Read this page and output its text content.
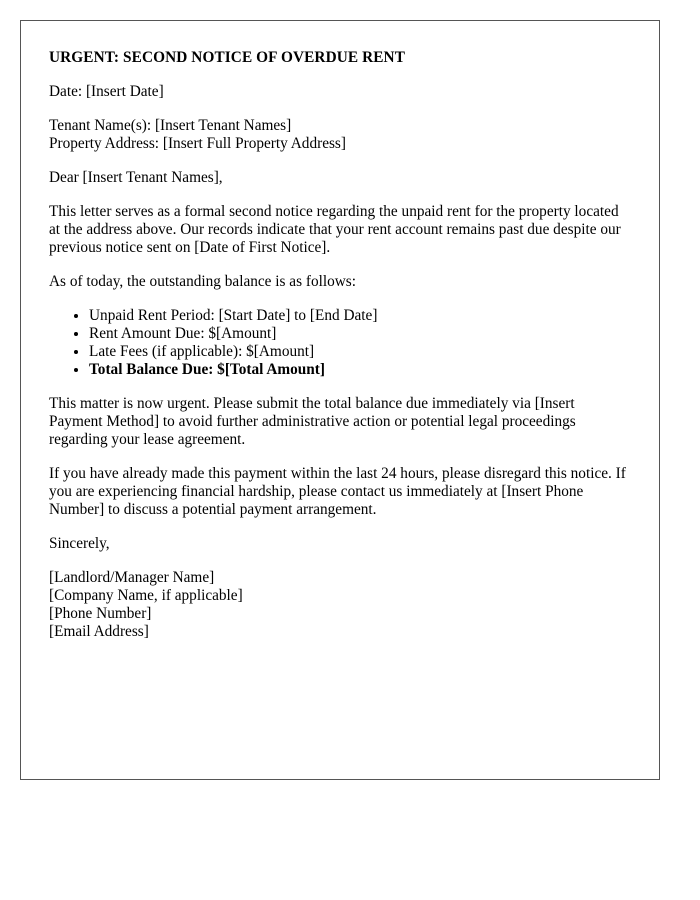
URGENT: SECOND NOTICE OF OVERDUE RENT

Date: [Insert Date]

Tenant Name(s): [Insert Tenant Names]
Property Address: [Insert Full Property Address]

Dear [Insert Tenant Names],

This letter serves as a formal second notice regarding the unpaid rent for the property located at the address above. Our records indicate that your rent account remains past due despite our previous notice sent on [Date of First Notice].

As of today, the outstanding balance is as follows:

• Unpaid Rent Period: [Start Date] to [End Date]
• Rent Amount Due: $[Amount]
• Late Fees (if applicable): $[Amount]
• Total Balance Due: $[Total Amount]

This matter is now urgent. Please submit the total balance due immediately via [Insert Payment Method] to avoid further administrative action or potential legal proceedings regarding your lease agreement.

If you have already made this payment within the last 24 hours, please disregard this notice. If you are experiencing financial hardship, please contact us immediately at [Insert Phone Number] to discuss a potential payment arrangement.

Sincerely,

[Landlord/Manager Name]
[Company Name, if applicable]
[Phone Number]
[Email Address]
